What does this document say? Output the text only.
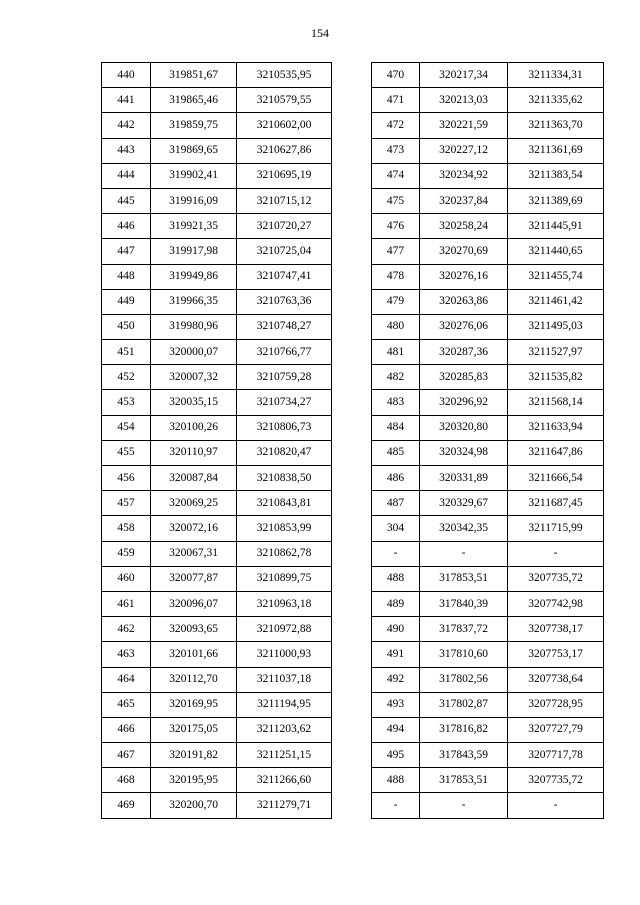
154
440	319851,67	3210535,95
441	319865,46	3210579,55
442	319859,75	3210602,00
443	319869,65	3210627,86
444	319902,41	3210695,19
445	319916,09	3210715,12
446	319921,35	3210720,27
447	319917,98	3210725,04
448	319949,86	3210747,41
449	319966,35	3210763,36
450	319980,96	3210748,27
451	320000,07	3210766,77
452	320007,32	3210759,28
453	320035,15	3210734,27
454	320100,26	3210806,73
455	320110,97	3210820,47
456	320087,84	3210838,50
457	320069,25	3210843,81
458	320072,16	3210853,99
459	320067,31	3210862,78
460	320077,87	3210899,75
461	320096,07	3210963,18
462	320093,65	3210972,88
463	320101,66	3211000,93
464	320112,70	3211037,18
465	320169,95	3211194,95
466	320175,05	3211203,62
467	320191,82	3211251,15
468	320195,95	3211266,60
469	320200,70	3211279,71
470	320217,34	3211334,31
471	320213,03	3211335,62
472	320221,59	3211363,70
473	320227,12	3211361,69
474	320234,92	3211383,54
475	320237,84	3211389,69
476	320258,24	3211445,91
477	320270,69	3211440,65
478	320276,16	3211455,74
479	320263,86	3211461,42
480	320276,06	3211495,03
481	320287,36	3211527,97
482	320285,83	3211535,82
483	320296,92	3211568,14
484	320320,80	3211633,94
485	320324,98	3211647,86
486	320331,89	3211666,54
487	320329,67	3211687,45
304	320342,35	3211715,99
-	-	-
488	317853,51	3207735,72
489	317840,39	3207742,98
490	317837,72	3207738,17
491	317810,60	3207753,17
492	317802,56	3207738,64
493	317802,87	3207728,95
494	317816,82	3207727,79
495	317843,59	3207717,78
488	317853,51	3207735,72
-	-	-
